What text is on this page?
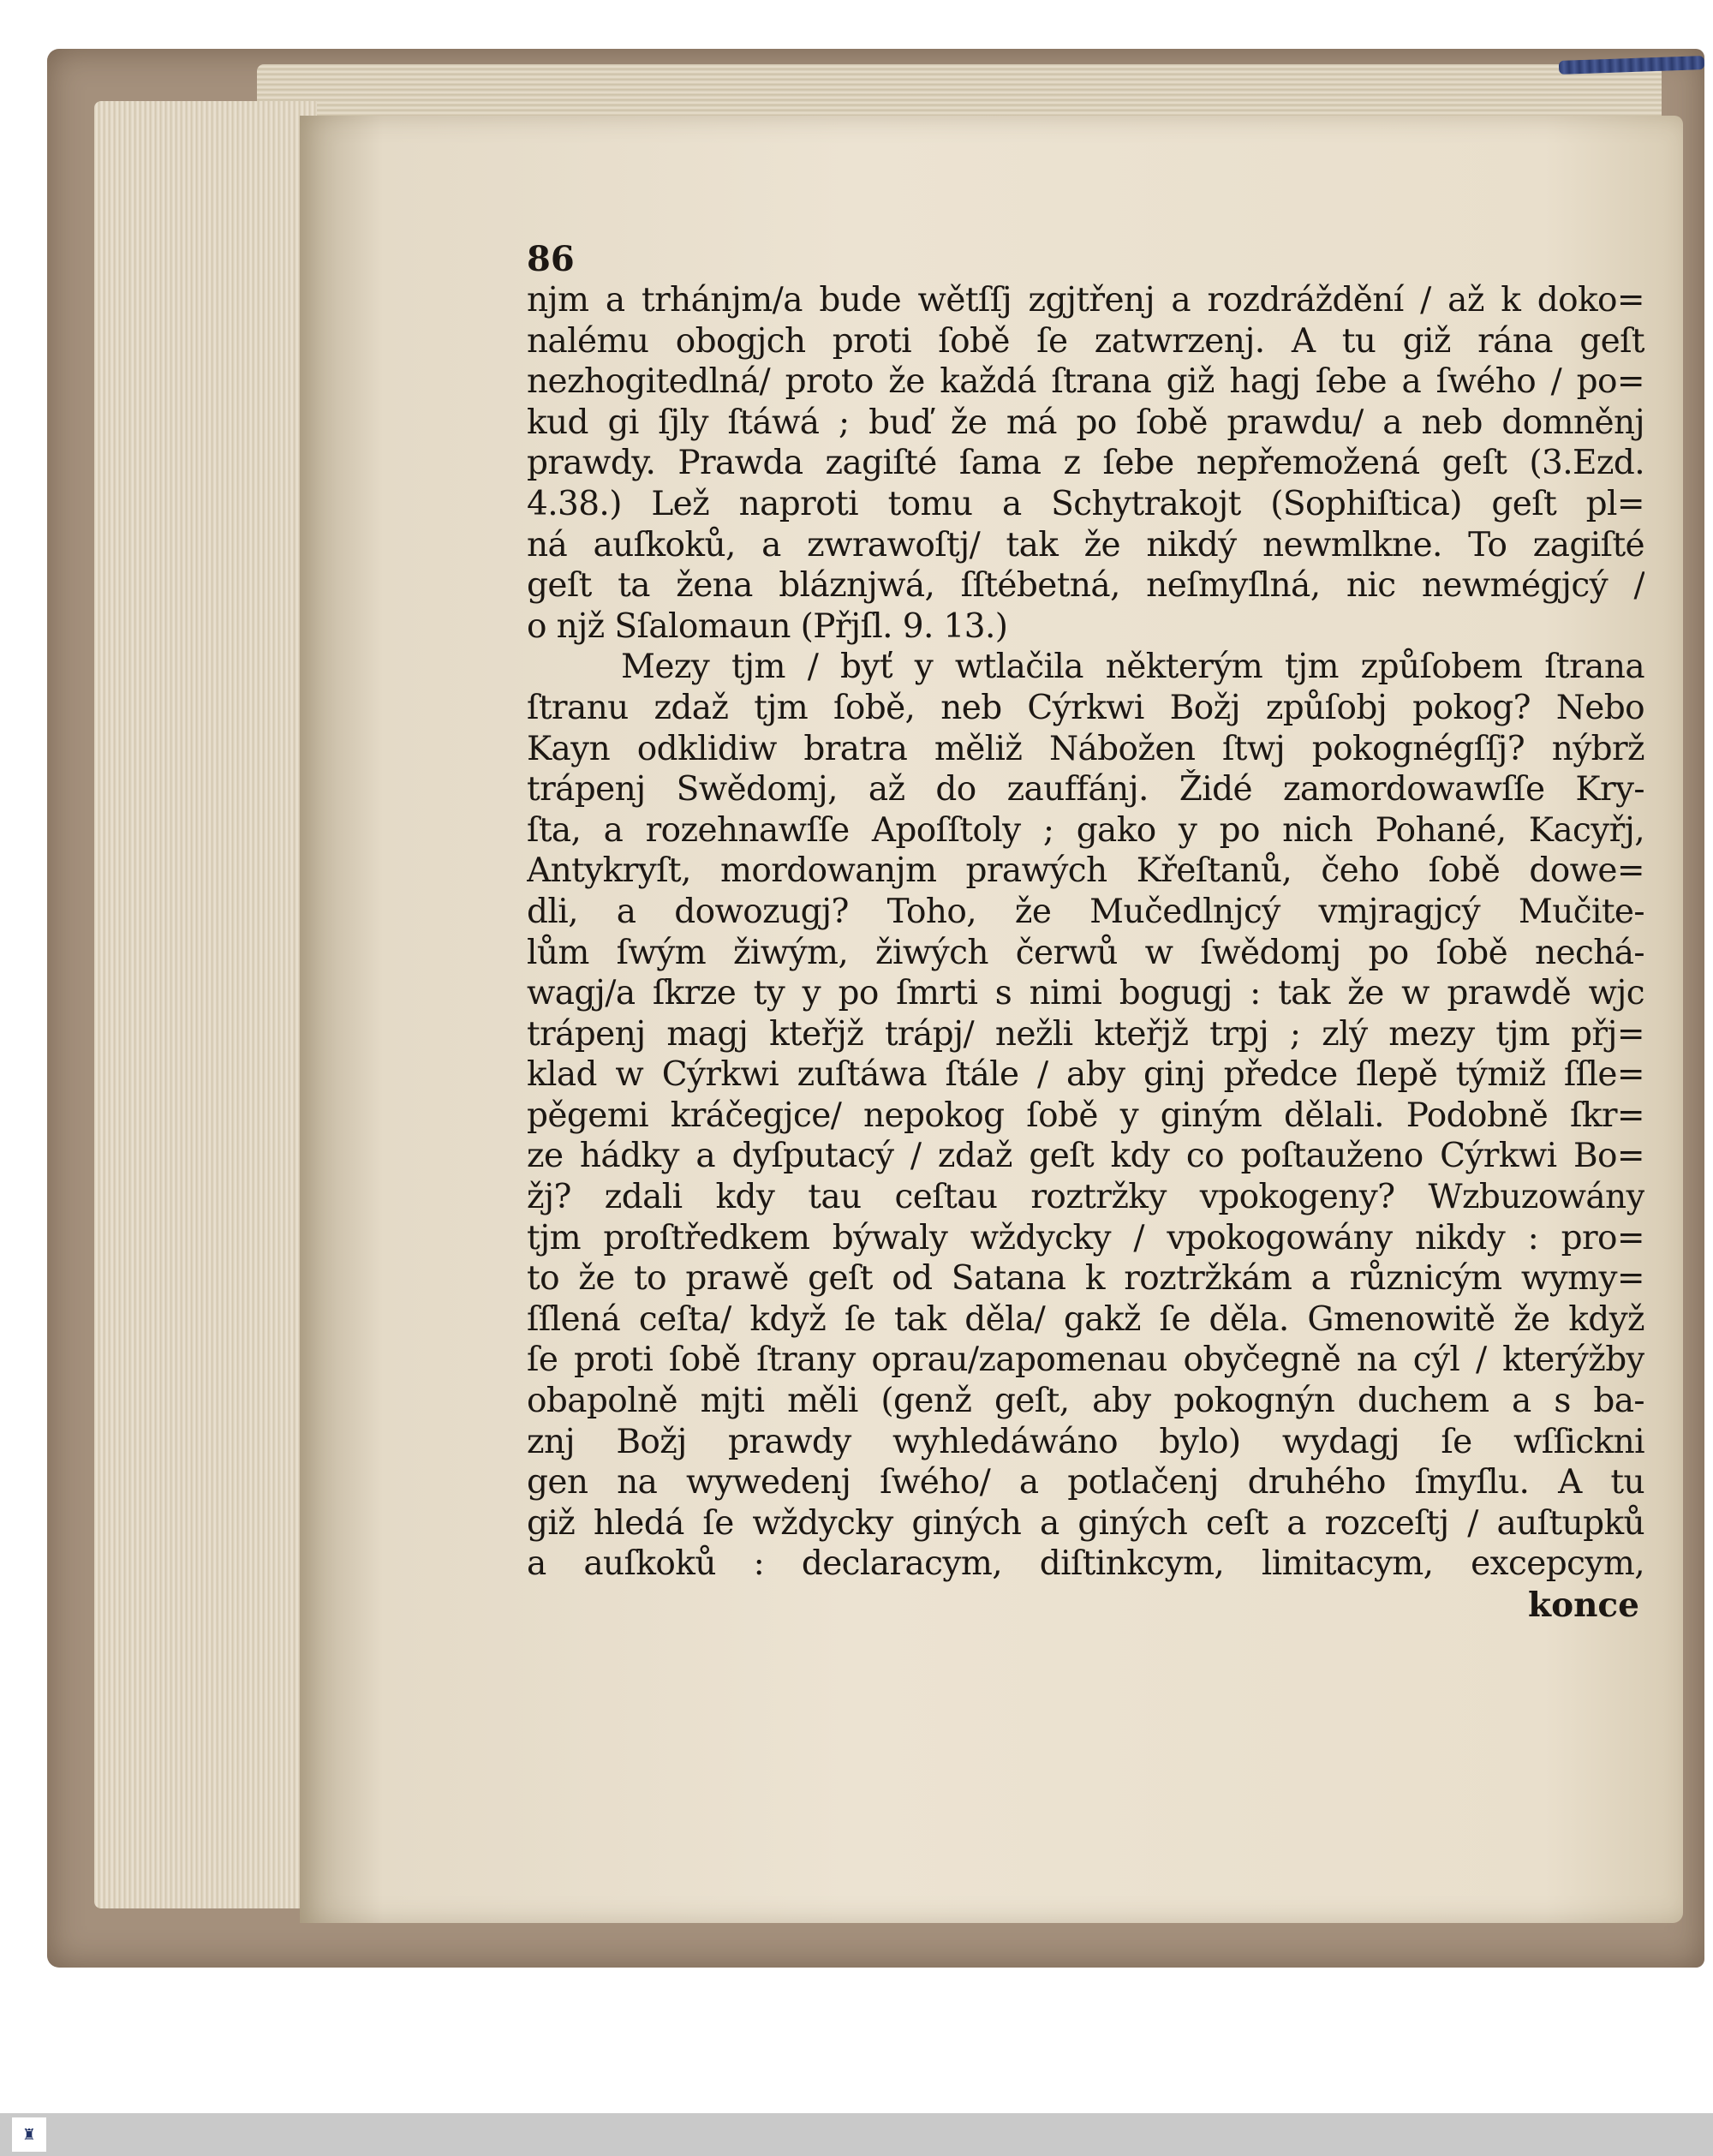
86
njm a trhánjm/a bude wětſſj zgjtřenj a rozdráždění / až k doko=
nalému obogjch proti ſobě ſe zatwrzenj. A tu giž rána geſt
nezhogitedlná/ proto že každá ſtrana giž hagj ſebe a ſwého / po=
kud gi ſjly ſtáwá ; buď že má po ſobě prawdu/ a neb domněnj
prawdy. Prawda zagiſté ſama z ſebe nepřemožená geſt (3.Ezd.
4.38.) Lež naproti tomu a Schytrakojt (Sophiſtica) geſt pl=
ná auſkoků, a zwrawoſtj/ tak že nikdý newmlkne. To zagiſté
geſt ta žena bláznjwá, ſſtébetná, neſmyſlná, nic newmégjcý /
o njž Sſalomaun (Přjſl. 9. 13.)
Mezy tjm / byť y wtlačila některým tjm způſobem ſtrana
ſtranu zdaž tjm ſobě, neb Cýrkwi Božj způſobj pokog? Nebo
Kayn odklidiw bratra měliž Nábožen ſtwj pokognégſſj? nýbrž
trápenj Swědomj, až do zauffánj. Židé zamordowawſſe Kry-
ſta, a rozehnawſſe Apoſſtoly ; gako y po nich Pohané, Kacyřj,
Antykryſt, mordowanjm prawých Křeſtanů, čeho ſobě dowe=
dli, a dowozugj? Toho, že Mučedlnjcý vmjragjcý Mučite-
lům ſwým žiwým, žiwých čerwů w ſwědomj po ſobě nechá-
wagj/a ſkrze ty y po ſmrti s nimi bogugj : tak že w prawdě wjc
trápenj magj kteřjž trápj/ nežli kteřjž trpj ; zlý mezy tjm přj=
klad w Cýrkwi zuſtáwa ſtále / aby ginj předce ſlepě týmiž ſſle=
pěgemi kráčegjce/ nepokog ſobě y giným dělali. Podobně ſkr=
ze hádky a dyſputacý / zdaž geſt kdy co poſtauženo Cýrkwi Bo=
žj? zdali kdy tau ceſtau roztržky vpokogeny? Wzbuzowány
tjm proſtředkem býwaly wždycky / vpokogowány nikdy : pro=
to že to prawě geſt od Satana k roztržkám a různicým wymy=
ſſlená ceſta/ když ſe tak děla/ gakž ſe děla. Gmenowitě že když
ſe proti ſobě ſtrany oprau/zapomenau obyčegně na cýl / kterýžby
obapolně mjti měli (genž geſt, aby pokognýn duchem a s ba-
znj Božj prawdy wyhledáwáno bylo) wydagj ſe wſſickni
gen na wywedenj ſwého/ a potlačenj druhého ſmyſlu. A tu
giž hledá ſe wždycky giných a giných ceſt a rozceſtj / auſtupků
a auſkoků : declaracym, diſtinkcym, limitacym, excepcym,
konce
♜
